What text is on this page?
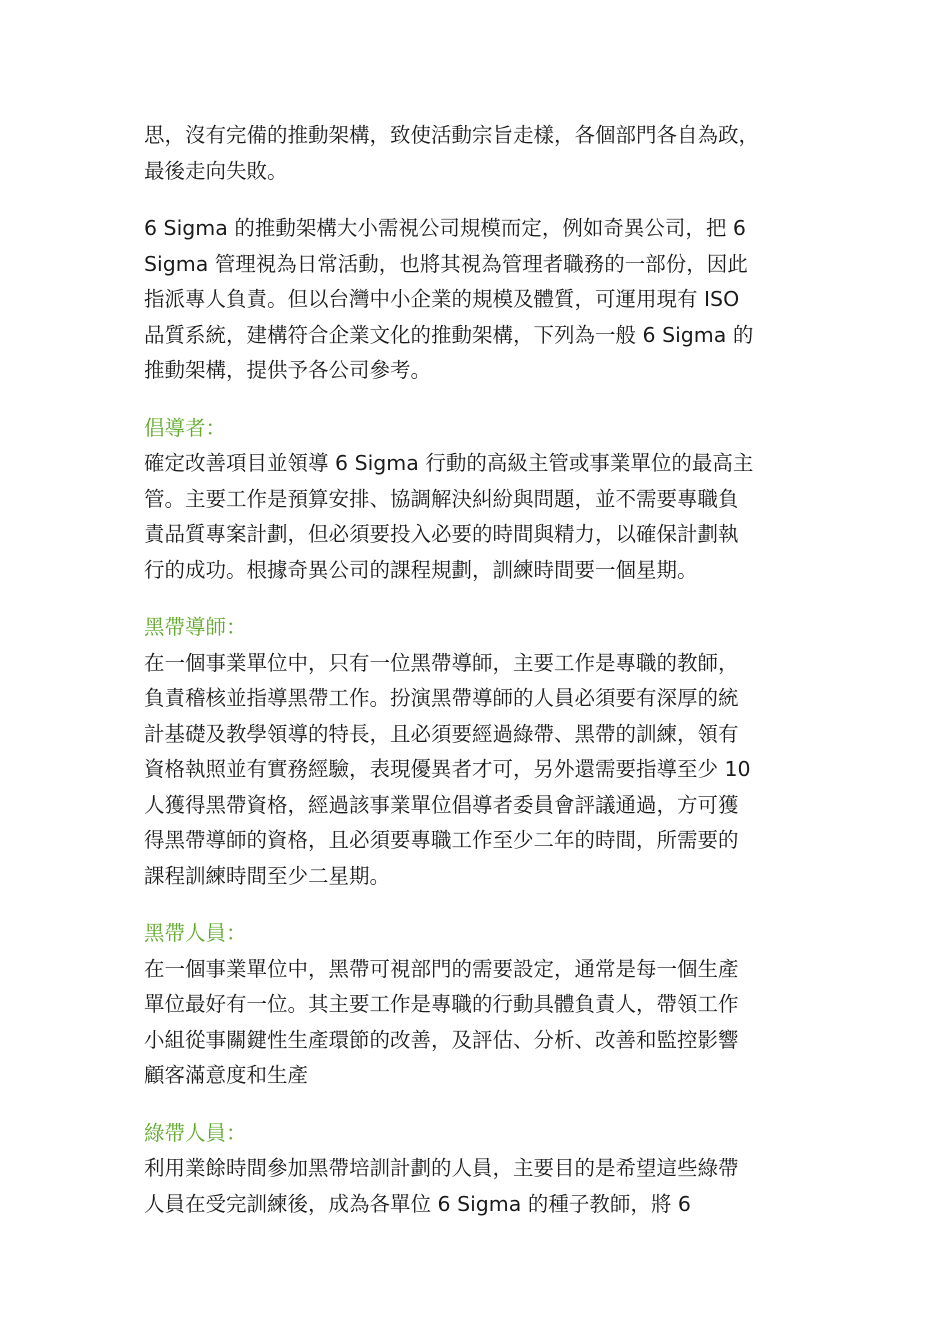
思，沒有完備的推動架構，致使活動宗旨走樣，各個部門各自為政，
最後走向失敗。
6 Sigma 的推動架構大小需視公司規模而定，例如奇異公司，把 6
Sigma 管理視為日常活動，也將其視為管理者職務的一部份，因此
指派專人負責。但以台灣中小企業的規模及體質，可運用現有 ISO
品質系統，建構符合企業文化的推動架構，下列為一般 6 Sigma 的
推動架構，提供予各公司參考。
倡導者：
確定改善項目並領導 6 Sigma 行動的高級主管或事業單位的最高主
管。主要工作是預算安排、協調解決糾紛與問題，並不需要專職負
責品質專案計劃，但必須要投入必要的時間與精力，以確保計劃執
行的成功。根據奇異公司的課程規劃，訓練時間要一個星期。
黑帶導師：
在一個事業單位中，只有一位黑帶導師，主要工作是專職的教師，
負責稽核並指導黑帶工作。扮演黑帶導師的人員必須要有深厚的統
計基礎及教學領導的特長，且必須要經過綠帶、黑帶的訓練，領有
資格執照並有實務經驗，表現優異者才可，另外還需要指導至少 10
人獲得黑帶資格，經過該事業單位倡導者委員會評議通過，方可獲
得黑帶導師的資格，且必須要專職工作至少二年的時間，所需要的
課程訓練時間至少二星期。
黑帶人員：
在一個事業單位中，黑帶可視部門的需要設定，通常是每一個生產
單位最好有一位。其主要工作是專職的行動具體負責人，帶領工作
小組從事關鍵性生產環節的改善，及評估、分析、改善和監控影響
顧客滿意度和生產
綠帶人員：
利用業餘時間參加黑帶培訓計劃的人員，主要目的是希望這些綠帶
人員在受完訓練後，成為各單位 6 Sigma 的種子教師，將 6
